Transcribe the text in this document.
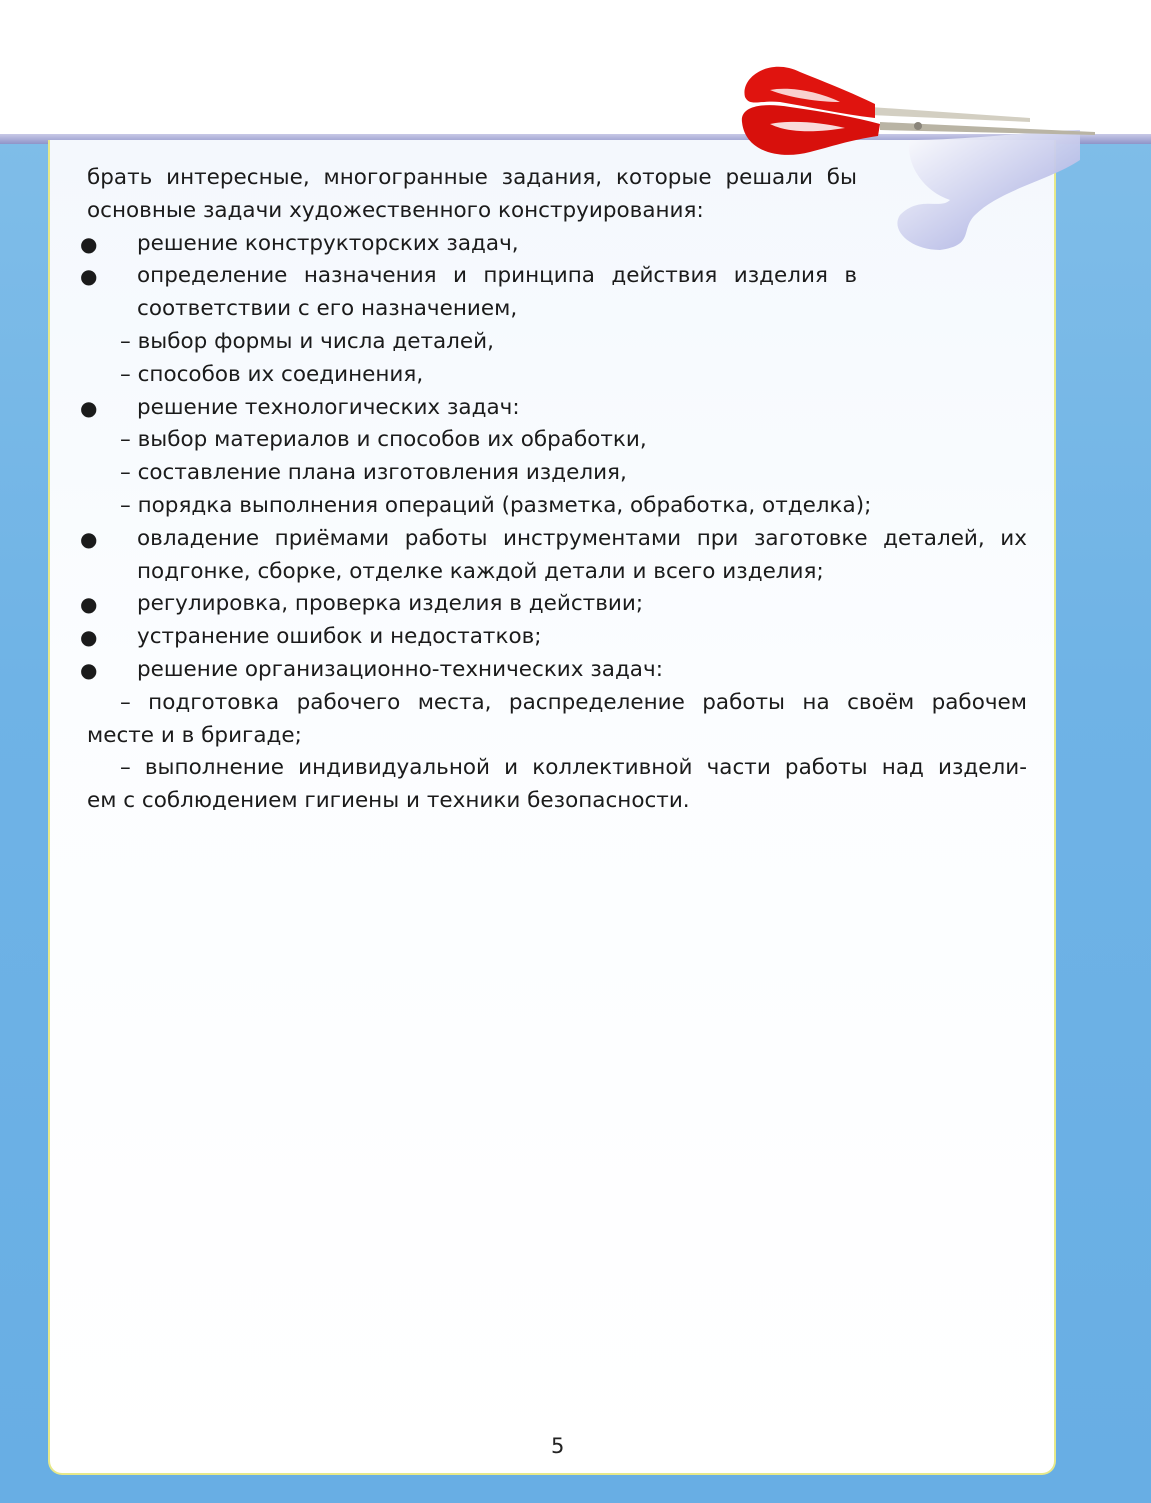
брать интересные, многогранные задания, которые решали бы
основные задачи художественного конструирования:
решение конструкторских задач,
●
определение назначения и принципа действия изделия в
●
соответствии с его назначением,
– выбор формы и числа деталей,
– способов их соединения,
решение технологических задач:
●
– выбор материалов и способов их обработки,
– составление плана изготовления изделия,
– порядка выполнения операций (разметка, обработка, отделка);
овладение приёмами работы инструментами при заготовке деталей, их
●
подгонке, сборке, отделке каждой детали и всего изделия;
регулировка, проверка изделия в действии;
●
устранение ошибок и недостатков;
●
решение организационно-технических задач:
●
– подготовка рабочего места, распределение работы на своём рабочем
месте и в бригаде;
– выполнение индивидуальной и коллективной части работы над издели-
ем с соблюдением гигиены и техники безопасности.
5
